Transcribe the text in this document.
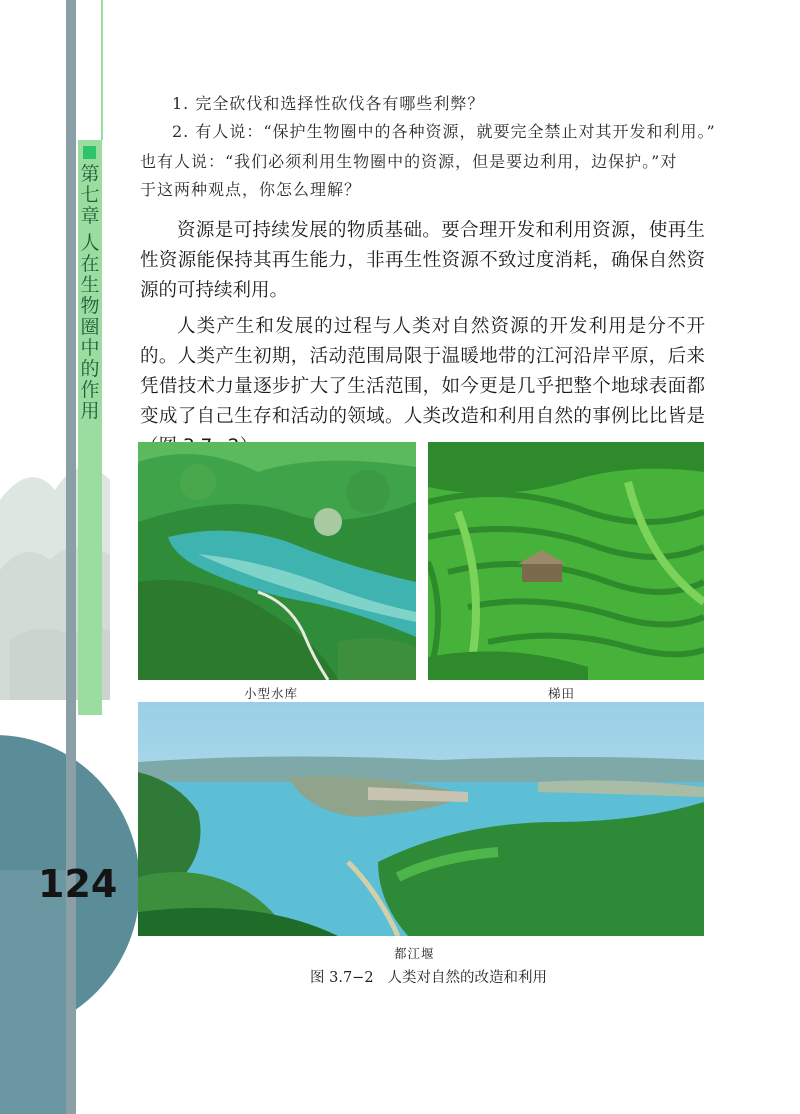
第
七
章
人
在
生
物
圈
中
的
作
用
124
1. 完全砍伐和选择性砍伐各有哪些利弊？
2. 有人说：“保护生物圈中的各种资源，就要完全禁止对其开发和利用。”
也有人说：“我们必须利用生物圈中的资源，但是要边利用，边保护。”对
于这两种观点，你怎么理解？

资源是可持续发展的物质基础。要合理开发和利用资源，使再生性资源能保持其再生能力，非再生性资源不致过度消耗，确保自然资源的可持续利用。

人类产生和发展的过程与人类对自然资源的开发利用是分不开的。人类产生初期，活动范围局限于温暖地带的江河沿岸平原，后来凭借技术力量逐步扩大了生活范围，如今更是几乎把整个地球表面都变成了自己生存和活动的领域。人类改造和利用自然的事例比比皆是

小型水库	梯田
都江堰
图 3.7−2 人类对自然的改造和利用
